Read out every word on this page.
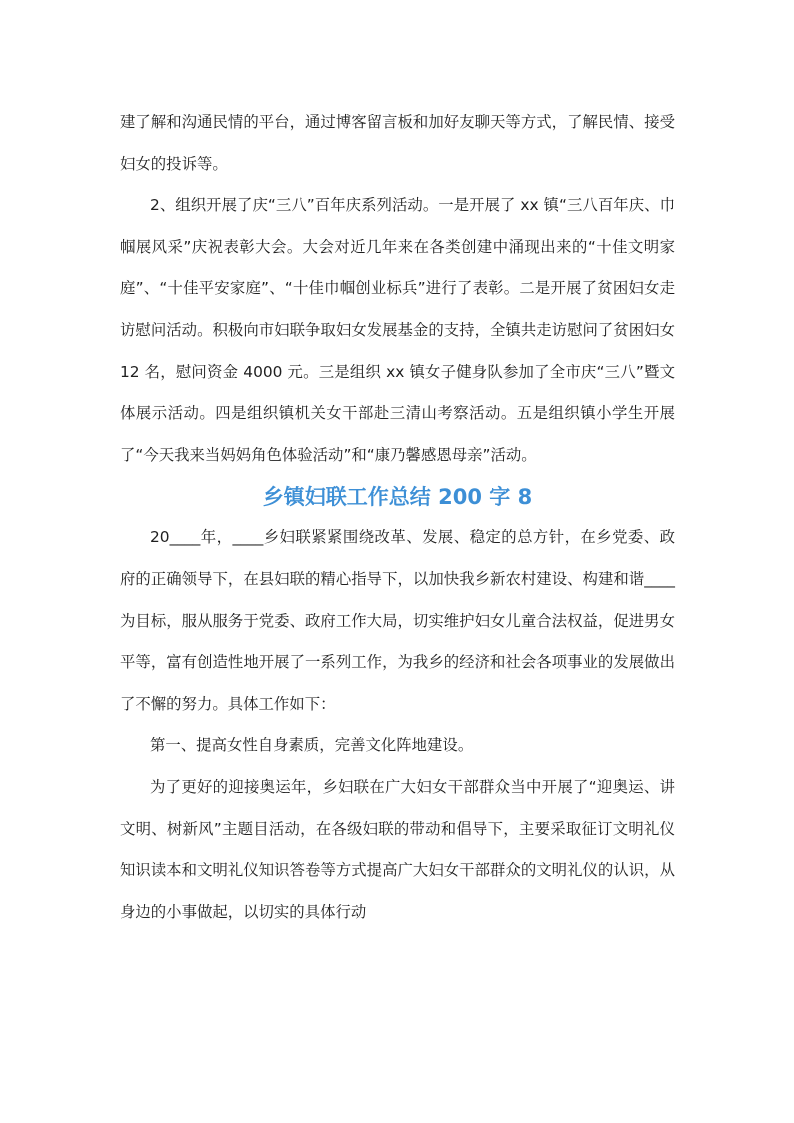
建了解和沟通民情的平台，通过博客留言板和加好友聊天等方式，了解民情、接受妇女的投诉等。

2、组织开展了庆“三八”百年庆系列活动。一是开展了 xx 镇“三八百年庆、巾帼展风采”庆祝表彰大会。大会对近几年来在各类创建中涌现出来的“十佳文明家庭”、“十佳平安家庭”、“十佳巾帼创业标兵”进行了表彰。二是开展了贫困妇女走访慰问活动。积极向市妇联争取妇女发展基金的支持，全镇共走访慰问了贫困妇女 12 名，慰问资金 4000 元。三是组织 xx 镇女子健身队参加了全市庆“三八”暨文体展示活动。四是组织镇机关女干部赴三清山考察活动。五是组织镇小学生开展了“今天我来当妈妈角色体验活动”和“康乃馨感恩母亲”活动。

乡镇妇联工作总结 200 字 8

20____年，____乡妇联紧紧围绕改革、发展、稳定的总方针，在乡党委、政府的正确领导下，在县妇联的精心指导下，以加快我乡新农村建设、构建和谐____为目标，服从服务于党委、政府工作大局，切实维护妇女儿童合法权益，促进男女平等，富有创造性地开展了一系列工作，为我乡的经济和社会各项事业的发展做出了不懈的努力。具体工作如下：

第一、提高女性自身素质，完善文化阵地建设。

为了更好的迎接奥运年，乡妇联在广大妇女干部群众当中开展了“迎奥运、讲文明、树新风”主题目活动，在各级妇联的带动和倡导下，主要采取征订文明礼仪知识读本和文明礼仪知识答卷等方式提高广大妇女干部群众的文明礼仪的认识，从身边的小事做起，以切实的具体行动
